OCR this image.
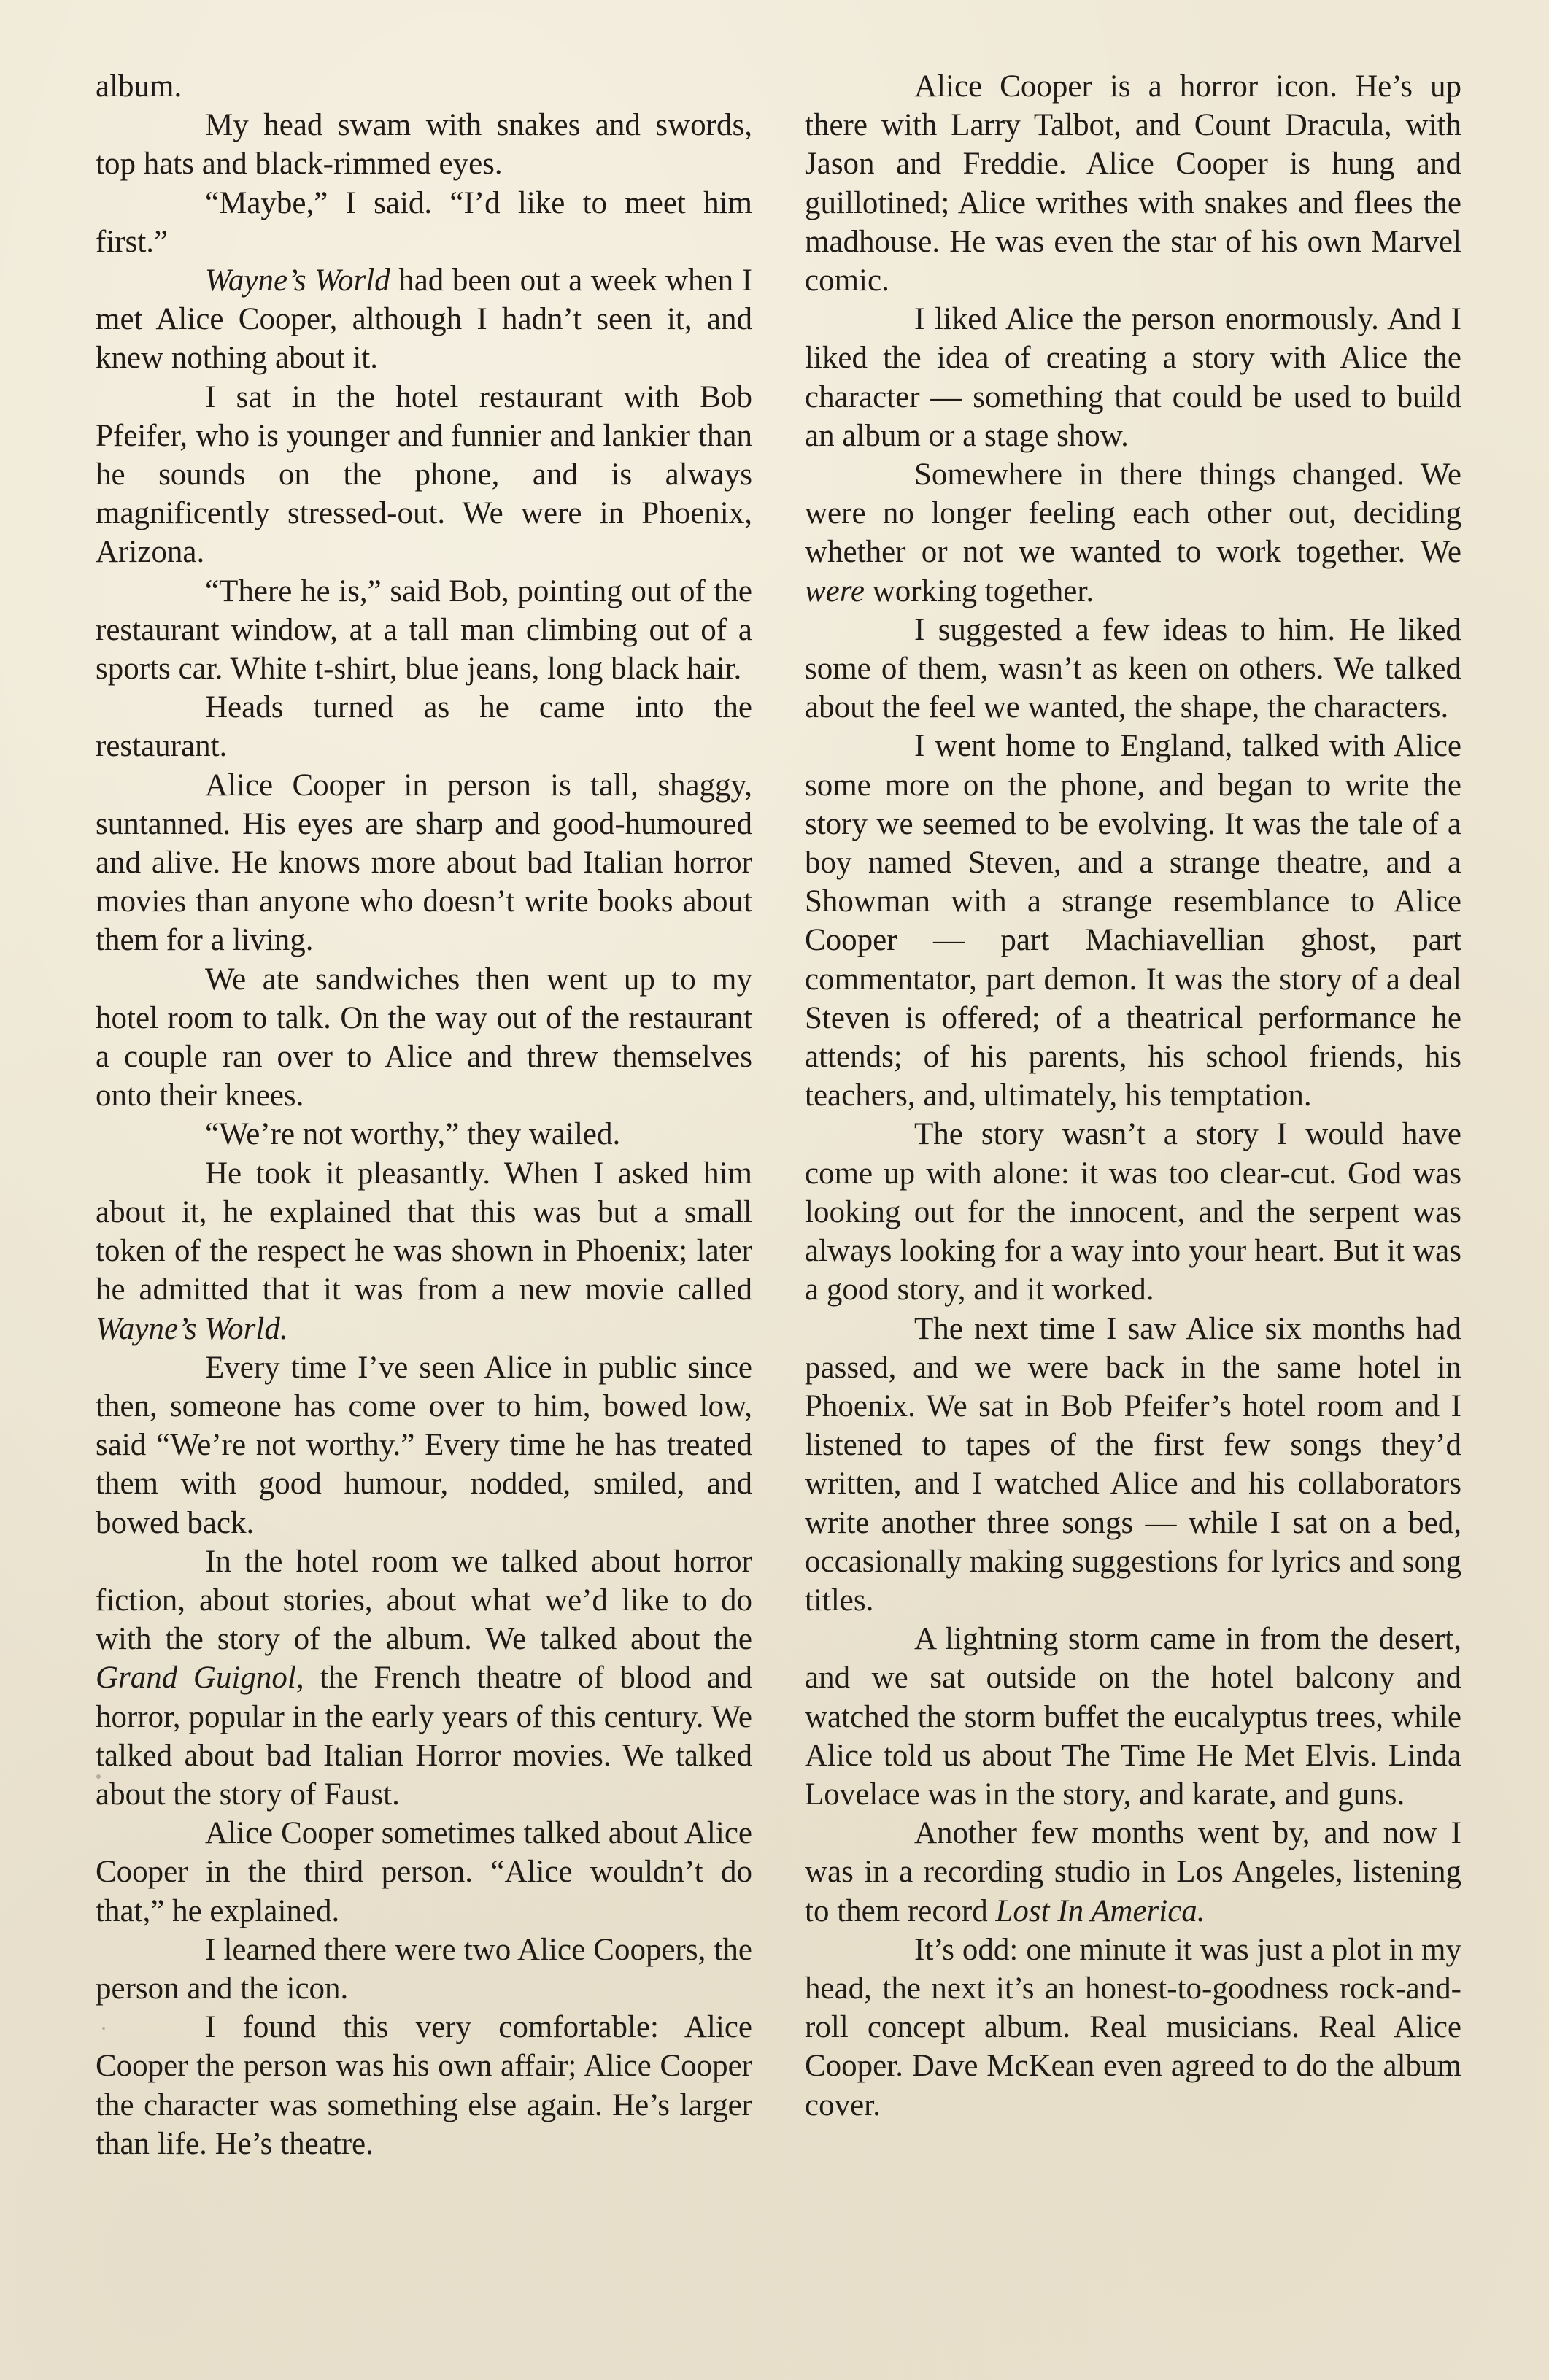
album.

My head swam with snakes and swords, top hats and black-rimmed eyes.

“Maybe,” I said. “I’d like to meet him first.”

Wayne’s World had been out a week when I met Alice Cooper, although I hadn’t seen it, and knew nothing about it.

I sat in the hotel restaurant with Bob Pfeifer, who is younger and funnier and lankier than he sounds on the phone, and is always magnificently stressed-out. We were in Phoenix, Arizona.

“There he is,” said Bob, pointing out of the restaurant window, at a tall man climbing out of a sports car. White t-shirt, blue jeans, long black hair.

Heads turned as he came into the restaurant.

Alice Cooper in person is tall, shaggy, suntanned. His eyes are sharp and good-humoured and alive. He knows more about bad Italian horror movies than anyone who doesn’t write books about them for a living.

We ate sandwiches then went up to my hotel room to talk. On the way out of the restaurant a couple ran over to Alice and threw themselves onto their knees.

“We’re not worthy,” they wailed.

He took it pleasantly. When I asked him about it, he explained that this was but a small token of the respect he was shown in Phoenix; later he admitted that it was from a new movie called Wayne’s World.

Every time I’ve seen Alice in public since then, someone has come over to him, bowed low, said “We’re not worthy.” Every time he has treated them with good humour, nodded, smiled, and bowed back.

In the hotel room we talked about horror fiction, about stories, about what we’d like to do with the story of the album. We talked about the Grand Guignol, the French theatre of blood and horror, popular in the early years of this century. We talked about bad Italian Horror movies. We talked about the story of Faust.

Alice Cooper sometimes talked about Alice Cooper in the third person. “Alice wouldn’t do that,” he explained.

I learned there were two Alice Coopers, the person and the icon.

I found this very comfortable: Alice Cooper the person was his own affair; Alice Cooper the character was something else again. He’s larger than life. He’s theatre.

Alice Cooper is a horror icon. He’s up there with Larry Talbot, and Count Dracula, with Jason and Freddie. Alice Cooper is hung and guillotined; Alice writhes with snakes and flees the madhouse. He was even the star of his own Marvel comic.

I liked Alice the person enormously. And I liked the idea of creating a story with Alice the character — something that could be used to build an album or a stage show.

Somewhere in there things changed. We were no longer feeling each other out, deciding whether or not we wanted to work together. We were working together.

I suggested a few ideas to him. He liked some of them, wasn’t as keen on others. We talked about the feel we wanted, the shape, the characters.

I went home to England, talked with Alice some more on the phone, and began to write the story we seemed to be evolving. It was the tale of a boy named Steven, and a strange theatre, and a Showman with a strange resemblance to Alice Cooper — part Machiavellian ghost, part commentator, part demon. It was the story of a deal Steven is offered; of a theatrical performance he attends; of his parents, his school friends, his teachers, and, ultimately, his temptation.

The story wasn’t a story I would have come up with alone: it was too clear-cut. God was looking out for the innocent, and the serpent was always looking for a way into your heart. But it was a good story, and it worked.

The next time I saw Alice six months had passed, and we were back in the same hotel in Phoenix. We sat in Bob Pfeifer’s hotel room and I listened to tapes of the first few songs they’d written, and I watched Alice and his collaborators write another three songs — while I sat on a bed, occasionally making suggestions for lyrics and song titles.

A lightning storm came in from the desert, and we sat outside on the hotel balcony and watched the storm buffet the eucalyptus trees, while Alice told us about The Time He Met Elvis. Linda Lovelace was in the story, and karate, and guns.

Another few months went by, and now I was in a recording studio in Los Angeles, listening to them record Lost In America.

It’s odd: one minute it was just a plot in my head, the next it’s an honest-to-goodness rock-and-roll concept album. Real musicians. Real Alice Cooper. Dave McKean even agreed to do the album cover.
